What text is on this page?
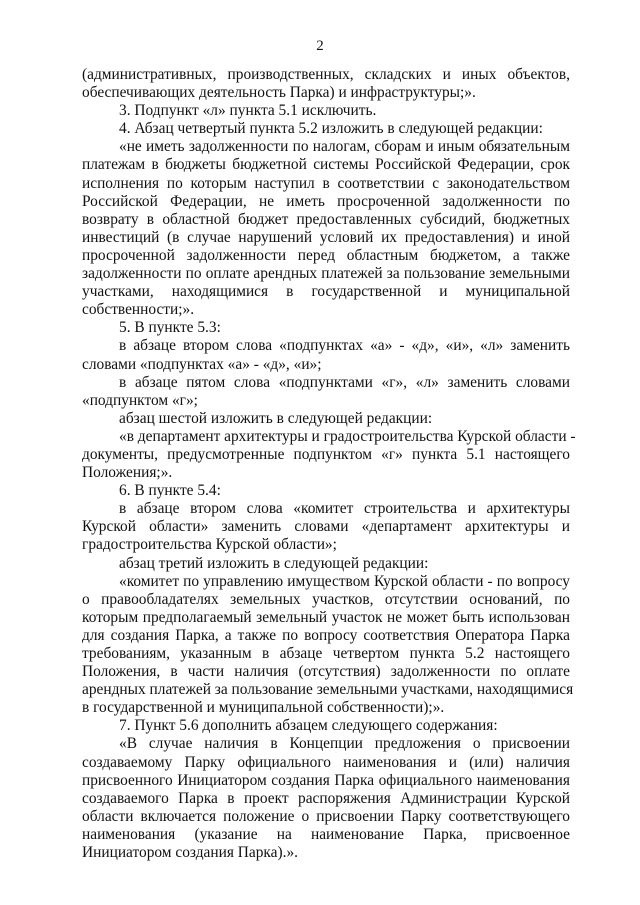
2
(административных, производственных, складских и иных объектов,
обеспечивающих деятельность Парка) и инфраструктуры;».
3. Подпункт «л» пункта 5.1 исключить.
4. Абзац четвертый пункта 5.2 изложить в следующей редакции:
«не иметь задолженности по налогам, сборам и иным обязательным
платежам в бюджеты бюджетной системы Российской Федерации, срок
исполнения по которым наступил в соответствии с законодательством
Российской Федерации, не иметь просроченной задолженности по
возврату в областной бюджет предоставленных субсидий, бюджетных
инвестиций (в случае нарушений условий их предоставления) и иной
просроченной задолженности перед областным бюджетом, а также
задолженности по оплате арендных платежей за пользование земельными
участками, находящимися в государственной и муниципальной
собственности;».
5. В пункте 5.3:
в абзаце втором слова «подпунктах «а» - «д», «и», «л» заменить
словами «подпунктах «а» - «д», «и»;
в абзаце пятом слова «подпунктами «г», «л» заменить словами
«подпунктом «г»;
абзац шестой изложить в следующей редакции:
«в департамент архитектуры и градостроительства Курской области -
документы, предусмотренные подпунктом «г» пункта 5.1 настоящего
Положения;».
6. В пункте 5.4:
в абзаце втором слова «комитет строительства и архитектуры
Курской области» заменить словами «департамент архитектуры и
градостроительства Курской области»;
абзац третий изложить в следующей редакции:
«комитет по управлению имуществом Курской области - по вопросу
о правообладателях земельных участков, отсутствии оснований, по
которым предполагаемый земельный участок не может быть использован
для создания Парка, а также по вопросу соответствия Оператора Парка
требованиям, указанным в абзаце четвертом пункта 5.2 настоящего
Положения, в части наличия (отсутствия) задолженности по оплате
арендных платежей за пользование земельными участками, находящимися
в государственной и муниципальной собственности);».
7. Пункт 5.6 дополнить абзацем следующего содержания:
«В случае наличия в Концепции предложения о присвоении
создаваемому Парку официального наименования и (или) наличия
присвоенного Инициатором создания Парка официального наименования
создаваемого Парка в проект распоряжения Администрации Курской
области включается положение о присвоении Парку соответствующего
наименования (указание на наименование Парка, присвоенное
Инициатором создания Парка).».
